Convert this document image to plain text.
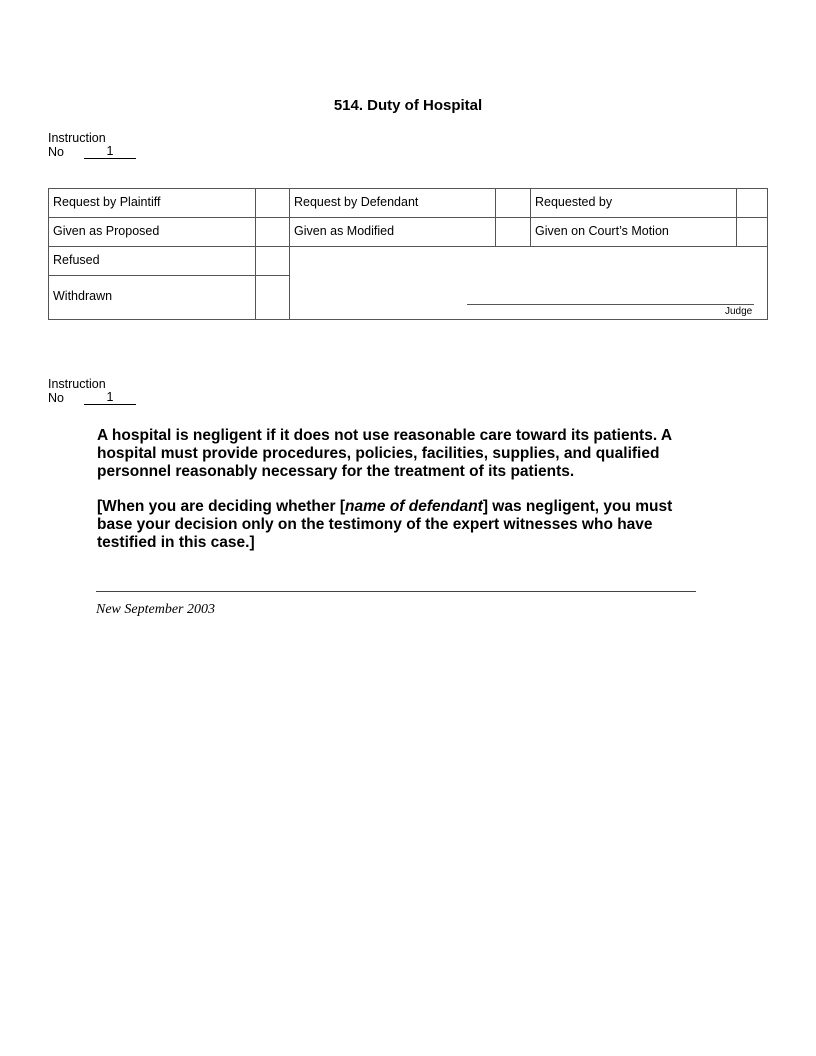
514. Duty of Hospital
Instruction
No	1
Request by Plaintiff	Request by Defendant	Requested by
Given as Proposed	Given as Modified	Given on Court’s Motion
Refused
Withdrawn
Judge
Instruction
No	1
A hospital is negligent if it does not use reasonable care toward its patients. A hospital must provide procedures, policies, facilities, supplies, and qualified personnel reasonably necessary for the treatment of its patients.
[When you are deciding whether [name of defendant] was negligent, you must base your decision only on the testimony of the expert witnesses who have testified in this case.]
New September 2003
